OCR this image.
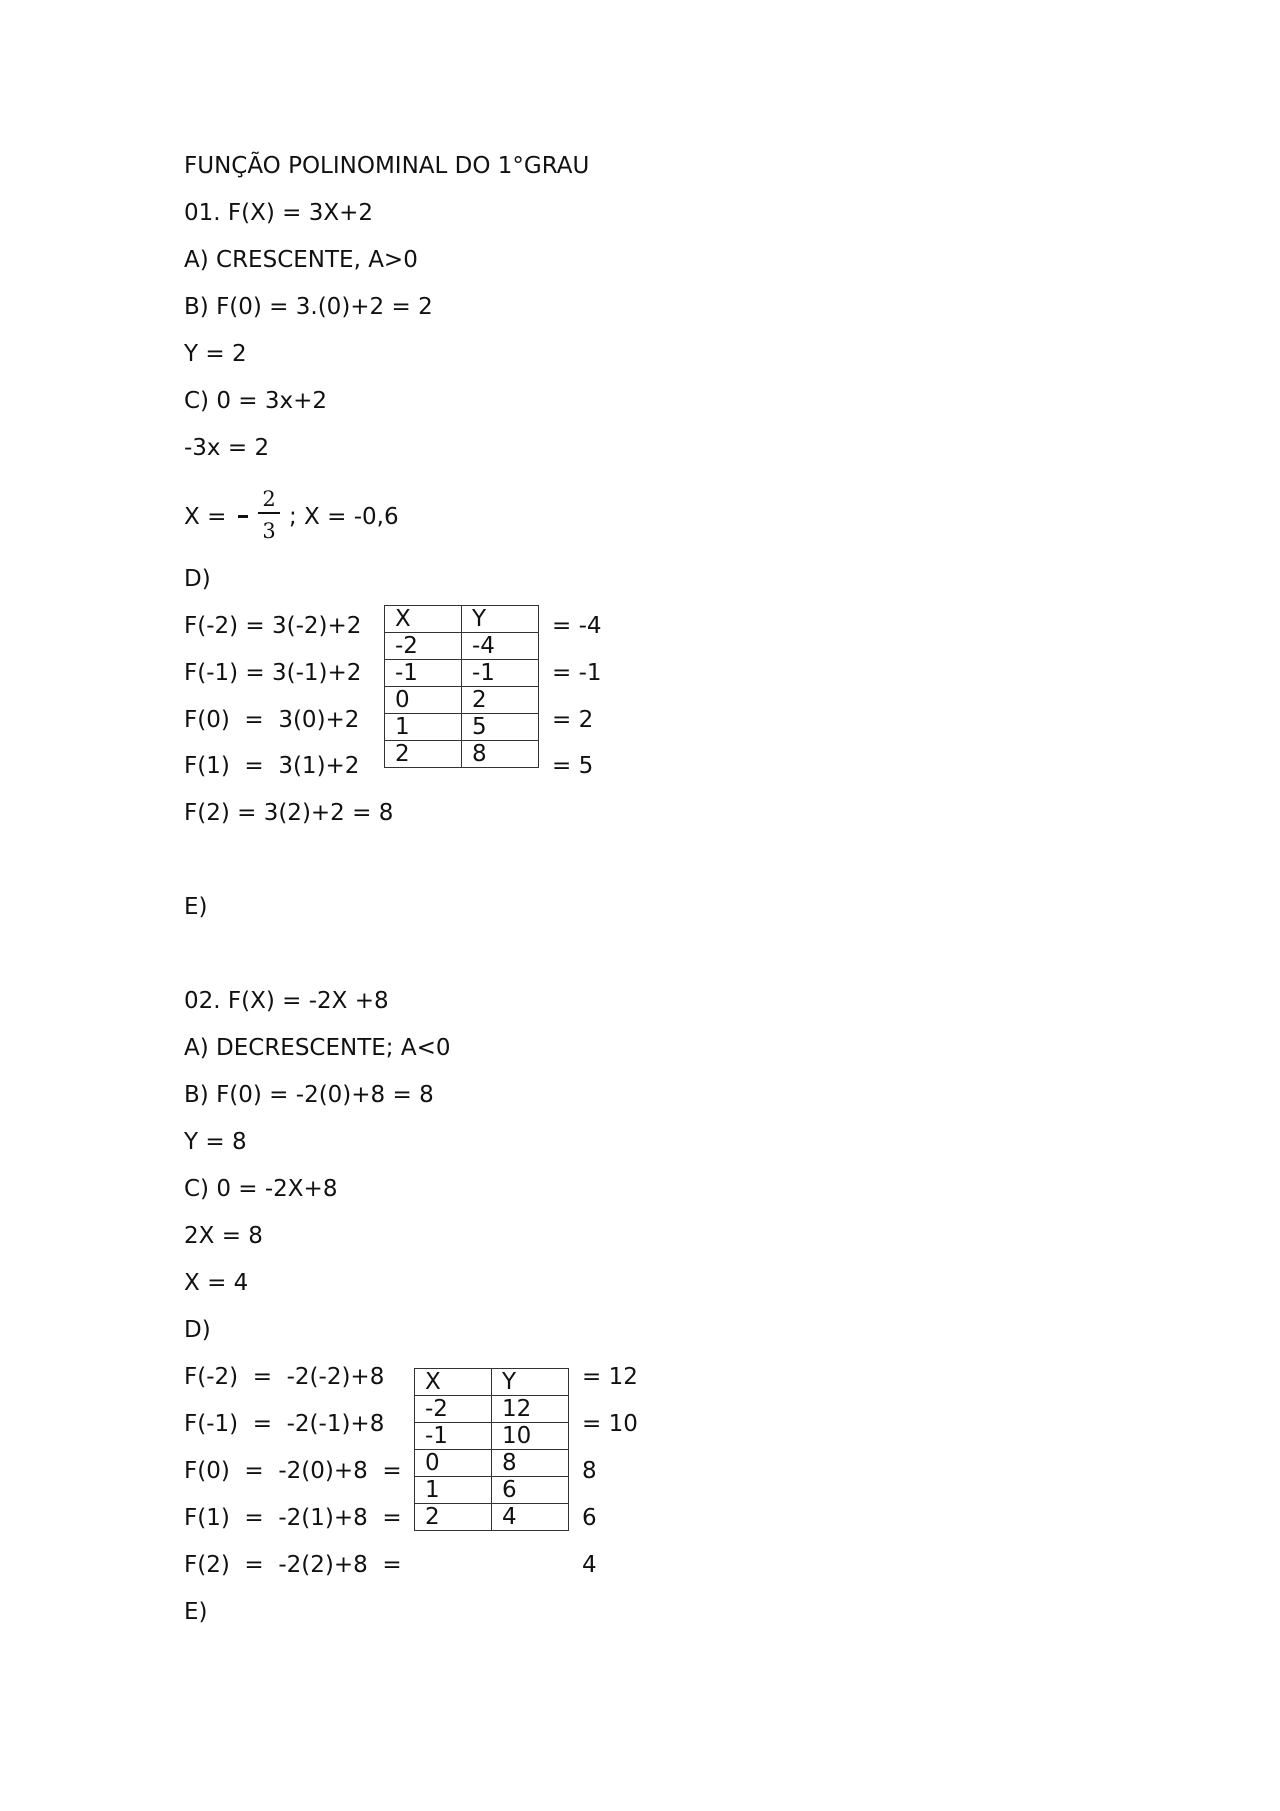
FUNÇÃO POLINOMINAL DO 1°GRAU
01. F(X) = 3X+2
A) CRESCENTE, A>0
B) F(0) = 3.(0)+2 = 2
Y = 2
C) 0 = 3x+2
-3x = 2
X =
2
3
; X = -0,6
D)
F(-2) = 3(-2)+2
F(-1) = 3(-1)+2
F(0)  =  3(0)+2
F(1)  =  3(1)+2
F(2) = 3(2)+2 = 8
X	Y
-2	-4
-1	-1
0	2
1	5
2	8
= -4
= -1
= 2
= 5
E)
02. F(X) = -2X +8
A) DECRESCENTE; A<0
B) F(0) = -2(0)+8 = 8
Y = 8
C) 0 = -2X+8
2X = 8
X = 4
D)
F(-2)  =  -2(-2)+8
F(-1)  =  -2(-1)+8
F(0)  =  -2(0)+8  =
F(1)  =  -2(1)+8  =
F(2)  =  -2(2)+8  =
X	Y
-2	12
-1	10
0	8
1	6
2	4
= 12
= 10
8
6
4
E)
